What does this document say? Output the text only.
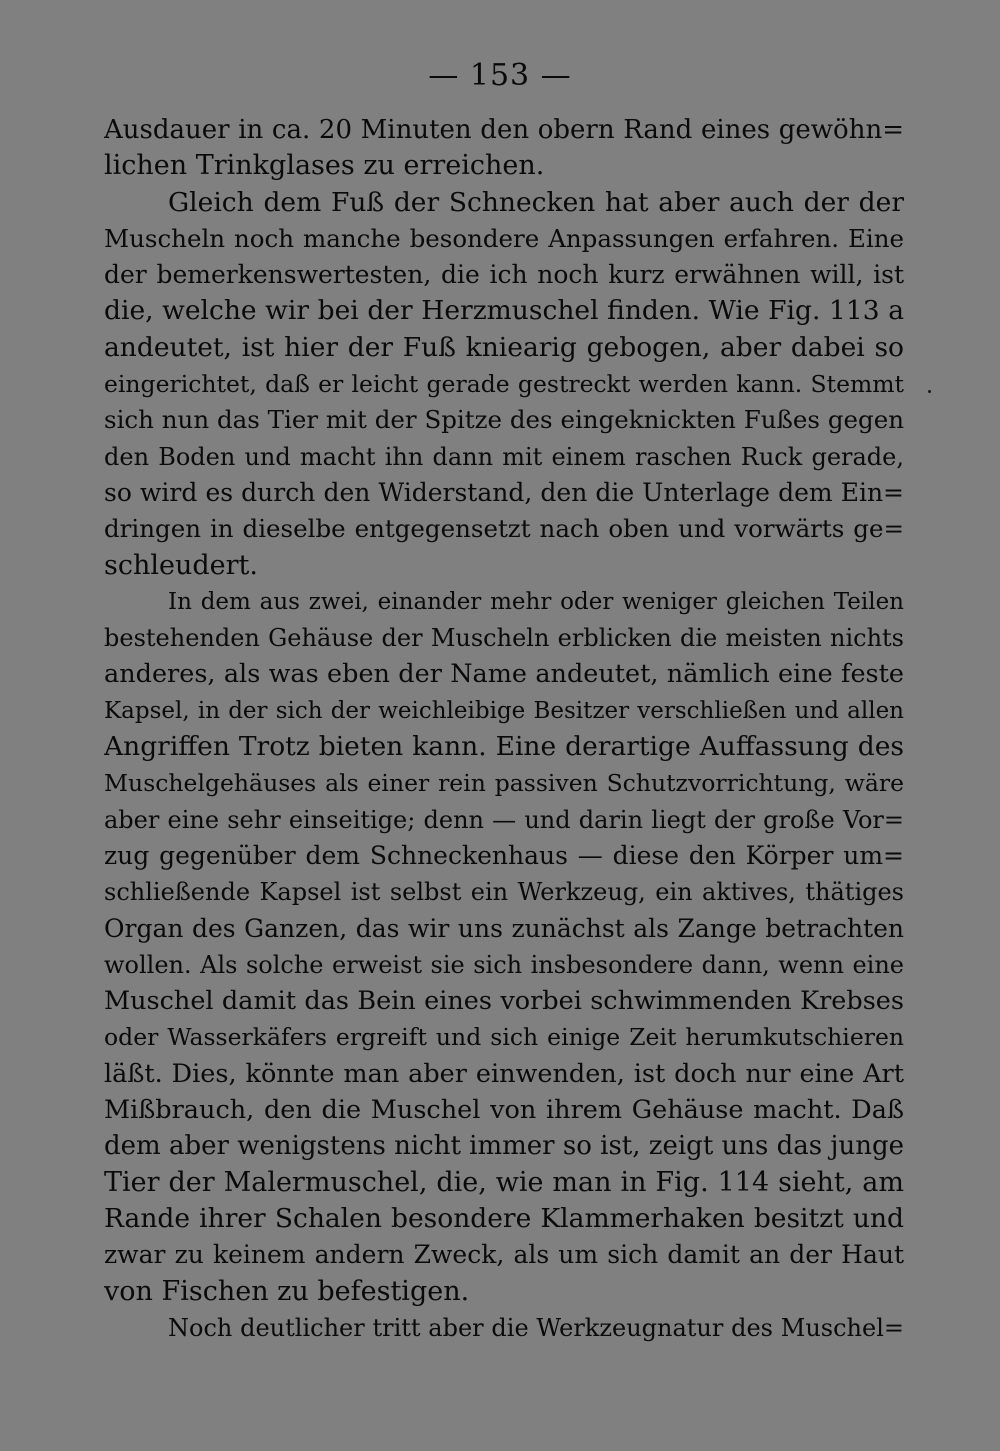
— 153 —
Ausdauer in ca. 20 Minuten den obern Rand eines gewöhn=
lichen Trinkglases zu erreichen.
Gleich dem Fuß der Schnecken hat aber auch der der
Muscheln noch manche besondere Anpassungen erfahren. Eine
der bemerkenswertesten, die ich noch kurz erwähnen will, ist
die, welche wir bei der Herzmuschel finden. Wie Fig. 113 a
andeutet, ist hier der Fuß kniearig gebogen, aber dabei so
eingerichtet, daß er leicht gerade gestreckt werden kann. Stemmt
sich nun das Tier mit der Spitze des eingeknickten Fußes gegen
den Boden und macht ihn dann mit einem raschen Ruck gerade,
so wird es durch den Widerstand, den die Unterlage dem Ein=
dringen in dieselbe entgegensetzt nach oben und vorwärts ge=
schleudert.
In dem aus zwei, einander mehr oder weniger gleichen Teilen
bestehenden Gehäuse der Muscheln erblicken die meisten nichts
anderes, als was eben der Name andeutet, nämlich eine feste
Kapsel, in der sich der weichleibige Besitzer verschließen und allen
Angriffen Trotz bieten kann. Eine derartige Auffassung des
Muschelgehäuses als einer rein passiven Schutzvorrichtung, wäre
aber eine sehr einseitige; denn — und darin liegt der große Vor=
zug gegenüber dem Schneckenhaus — diese den Körper um=
schließende Kapsel ist selbst ein Werkzeug, ein aktives, thätiges
Organ des Ganzen, das wir uns zunächst als Zange betrachten
wollen. Als solche erweist sie sich insbesondere dann, wenn eine
Muschel damit das Bein eines vorbei schwimmenden Krebses
oder Wasserkäfers ergreift und sich einige Zeit herumkutschieren
läßt. Dies, könnte man aber einwenden, ist doch nur eine Art
Mißbrauch, den die Muschel von ihrem Gehäuse macht. Daß
dem aber wenigstens nicht immer so ist, zeigt uns das junge
Tier der Malermuschel, die, wie man in Fig. 114 sieht, am
Rande ihrer Schalen besondere Klammerhaken besitzt und
zwar zu keinem andern Zweck, als um sich damit an der Haut
von Fischen zu befestigen.
Noch deutlicher tritt aber die Werkzeugnatur des Muschel=
